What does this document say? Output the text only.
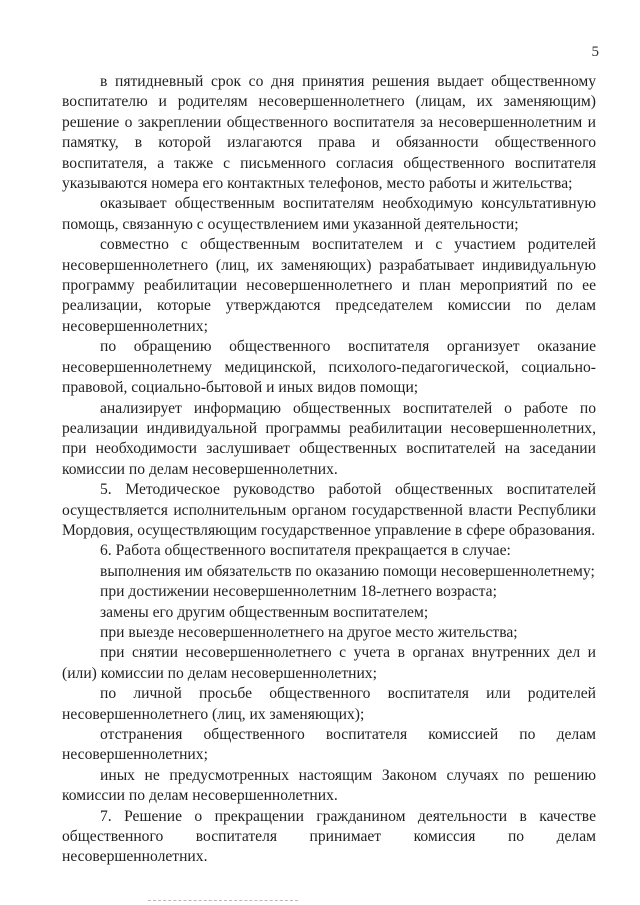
5

в пятидневный срок со дня принятия решения выдает общественному воспитателю и родителям несовершеннолетнего (лицам, их заменяющим) решение о закреплении общественного воспитателя за несовершеннолетним и памятку, в которой излагаются права и обязанности общественного воспитателя, а также с письменного согласия общественного воспитателя указываются номера его контактных телефонов, место работы и жительства;

оказывает общественным воспитателям необходимую консультативную помощь, связанную с осуществлением ими указанной деятельности;

совместно с общественным воспитателем и с участием родителей несовершеннолетнего (лиц, их заменяющих) разрабатывает индивидуальную программу реабилитации несовершеннолетнего и план мероприятий по ее реализации, которые утверждаются председателем комиссии по делам несовершеннолетних;

по обращению общественного воспитателя организует оказание несовершеннолетнему медицинской, психолого-педагогической, социально-правовой, социально-бытовой и иных видов помощи;

анализирует информацию общественных воспитателей о работе по реализации индивидуальной программы реабилитации несовершеннолетних, при необходимости заслушивает общественных воспитателей на заседании комиссии по делам несовершеннолетних.

5. Методическое руководство работой общественных воспитателей осуществляется исполнительным органом государственной власти Республики Мордовия, осуществляющим государственное управление в сфере образования.

6. Работа общественного воспитателя прекращается в случае:

выполнения им обязательств по оказанию помощи несовершеннолетнему;

при достижении несовершеннолетним 18-летнего возраста;

замены его другим общественным воспитателем;

при выезде несовершеннолетнего на другое место жительства;

при снятии несовершеннолетнего с учета в органах внутренних дел и (или) комиссии по делам несовершеннолетних;

по личной просьбе общественного воспитателя или родителей несовершеннолетнего (лиц, их заменяющих);

отстранения общественного воспитателя комиссией по делам несовершеннолетних;

иных не предусмотренных настоящим Законом случаях по решению комиссии по делам несовершеннолетних.

7. Решение о прекращении гражданином деятельности в качестве общественного воспитателя принимает комиссия по делам несовершеннолетних.
